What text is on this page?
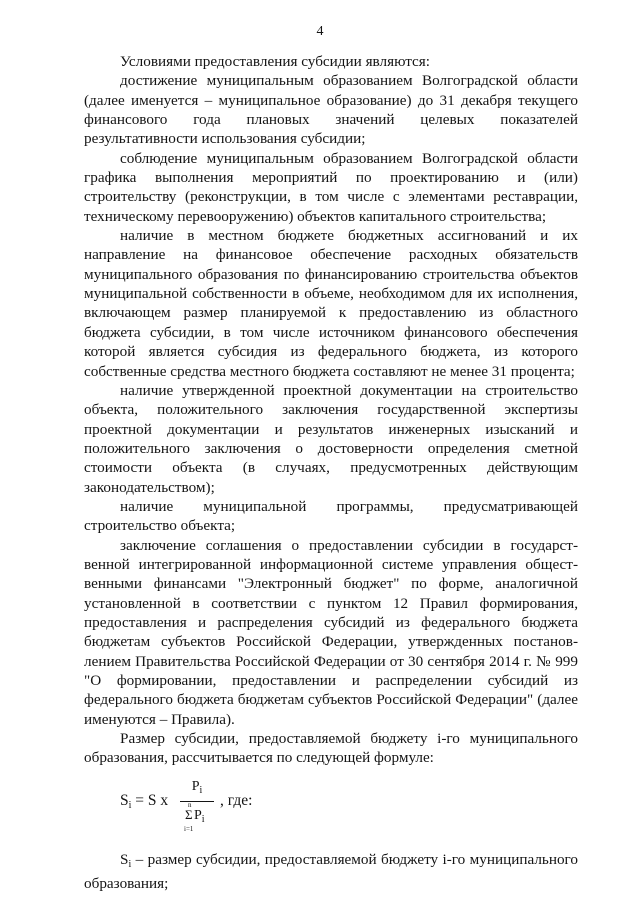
4

Условиями предоставления субсидии являются:

достижение муниципальным образованием Волгоградской области (далее именуется – муниципальное образование) до 31 декабря текущего финансового года плановых значений целевых показателей результативности использования субсидии;

соблюдение муниципальным образованием Волгоградской области графика выполнения мероприятий по проектированию и (или) строительству (реконструкции, в том числе с элементами реставрации, техническому перевооружению) объектов капитального строительства;

наличие в местном бюджете бюджетных ассигнований и их направление на финансовое обеспечение расходных обязательств муниципального образования по финансированию строительства объектов муниципальной собственности в объеме, необходимом для их исполнения, включающем размер планируемой к предоставлению из областного бюджета субсидии, в том числе источником финансового обеспечения которой является субсидия из федерального бюджета, из которого собственные средства местного бюджета составляют не менее 31 процента;

наличие утвержденной проектной документации на строительство объекта, положительного заключения государственной экспертизы проектной документации и результатов инженерных изысканий и положительного заключения о достоверности определения сметной стоимости объекта (в случаях, предусмотренных действующим законодательством);

наличие муниципальной программы, предусматривающей строительство объекта;

заключение соглашения о предоставлении субсидии в государственной интегрированной информационной системе управления общественными финансами "Электронный бюджет" по форме, аналогичной установленной в соответствии с пунктом 12 Правил формирования, предоставления и распределения субсидий из федерального бюджета бюджетам субъектов Российской Федерации, утвержденных постановлением Правительства Российской Федерации от 30 сентября 2014 г. № 999 "О формировании, предоставлении и распределении субсидий из федерального бюджета бюджетам субъектов Российской Федерации" (далее именуются – Правила).

Размер субсидии, предоставляемой бюджету i-го муниципального образования, рассчитывается по следующей формуле:

$S_i = S$ x
$P_i$
n
Σ
i=1
$P_i$
, где:

Si – размер субсидии, предоставляемой бюджету i-го муниципального образования;
